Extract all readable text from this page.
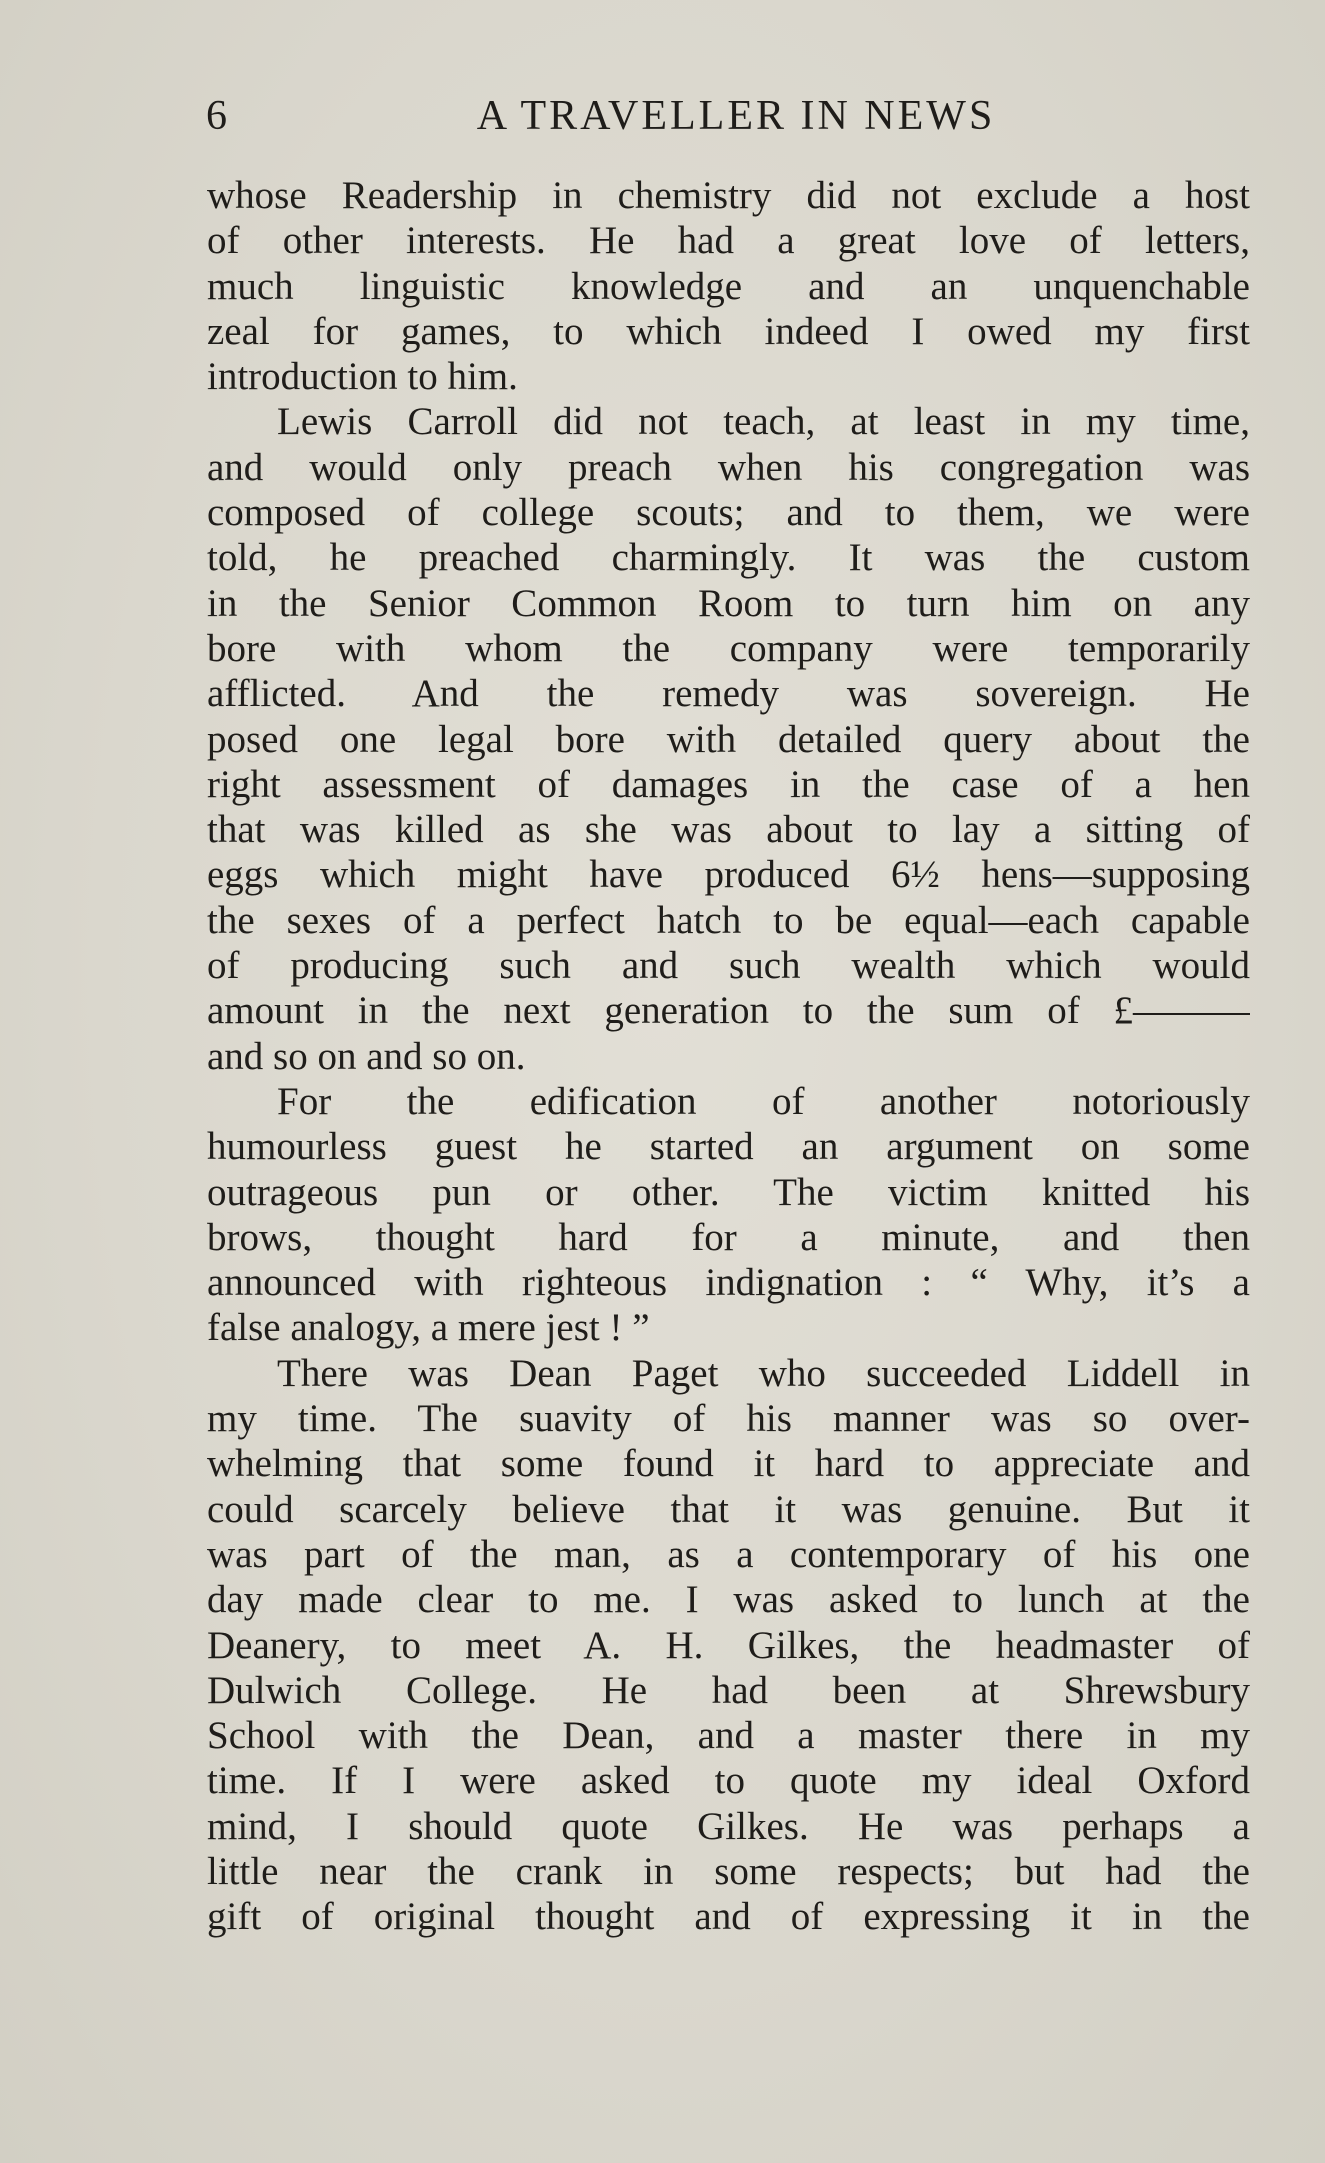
6	A TRAVELLER IN NEWS
whose Readership in chemistry did not exclude a host
of other interests. He had a great love of letters,
much linguistic knowledge and an unquenchable
zeal for games, to which indeed I owed my first
introduction to him.
Lewis Carroll did not teach, at least in my time,
and would only preach when his congregation was
composed of college scouts; and to them, we were
told, he preached charmingly. It was the custom
in the Senior Common Room to turn him on any
bore with whom the company were temporarily
afflicted. And the remedy was sovereign. He
posed one legal bore with detailed query about the
right assessment of damages in the case of a hen
that was killed as she was about to lay a sitting of
eggs which might have produced 6½ hens—supposing
the sexes of a perfect hatch to be equal—each capable
of producing such and such wealth which would
amount in the next generation to the sum of £———
and so on and so on.
For the edification of another notoriously
humourless guest he started an argument on some
outrageous pun or other. The victim knitted his
brows, thought hard for a minute, and then
announced with righteous indignation : “ Why, it’s a
false analogy, a mere jest ! ”
There was Dean Paget who succeeded Liddell in
my time. The suavity of his manner was so over-
whelming that some found it hard to appreciate and
could scarcely believe that it was genuine. But it
was part of the man, as a contemporary of his one
day made clear to me. I was asked to lunch at the
Deanery, to meet A. H. Gilkes, the headmaster of
Dulwich College. He had been at Shrewsbury
School with the Dean, and a master there in my
time. If I were asked to quote my ideal Oxford
mind, I should quote Gilkes. He was perhaps a
little near the crank in some respects; but had the
gift of original thought and of expressing it in the
